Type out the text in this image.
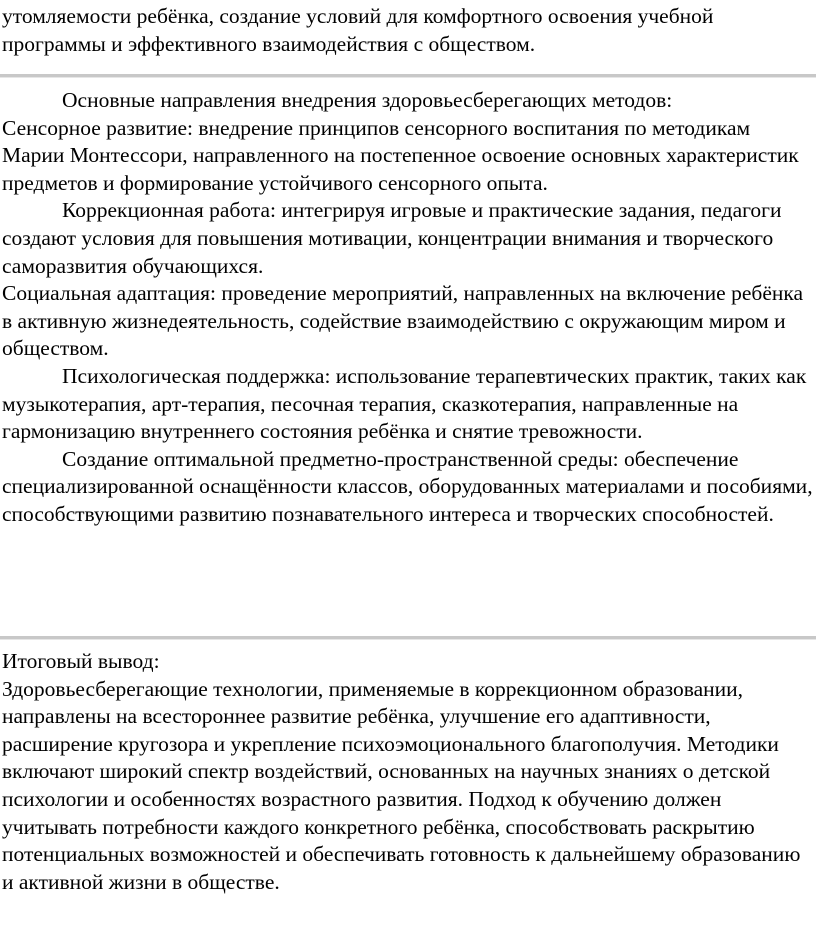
утомляемости ребёнка, создание условий для комфортного освоения учебной программы и эффективного взаимодействия с обществом.

Основные направления внедрения здоровьесберегающих методов:

Сенсорное развитие: внедрение принципов сенсорного воспитания по методикам Марии Монтессори, направленного на постепенное освоение основных характеристик предметов и формирование устойчивого сенсорного опыта.

Коррекционная работа: интегрируя игровые и практические задания, педагоги создают условия для повышения мотивации, концентрации внимания и творческого саморазвития обучающихся.

Социальная адаптация: проведение мероприятий, направленных на включение ребёнка в активную жизнедеятельность, содействие взаимодействию с окружающим миром и обществом.

Психологическая поддержка: использование терапевтических практик, таких как музыкотерапия, арт-терапия, песочная терапия, сказкотерапия, направленные на гармонизацию внутреннего состояния ребёнка и снятие тревожности.

Создание оптимальной предметно-пространственной среды: обеспечение специализированной оснащённости классов, оборудованных материалами и пособиями, способствующими развитию познавательного интереса и творческих способностей.

Итоговый вывод:

Здоровьесберегающие технологии, применяемые в коррекционном образовании, направлены на всестороннее развитие ребёнка, улучшение его адаптивности, расширение кругозора и укрепление психоэмоционального благополучия. Методики включают широкий спектр воздействий, основанных на научных знаниях о детской психологии и особенностях возрастного развития. Подход к обучению должен учитывать потребности каждого конкретного ребёнка, способствовать раскрытию потенциальных возможностей и обеспечивать готовность к дальнейшему образованию и активной жизни в обществе.
